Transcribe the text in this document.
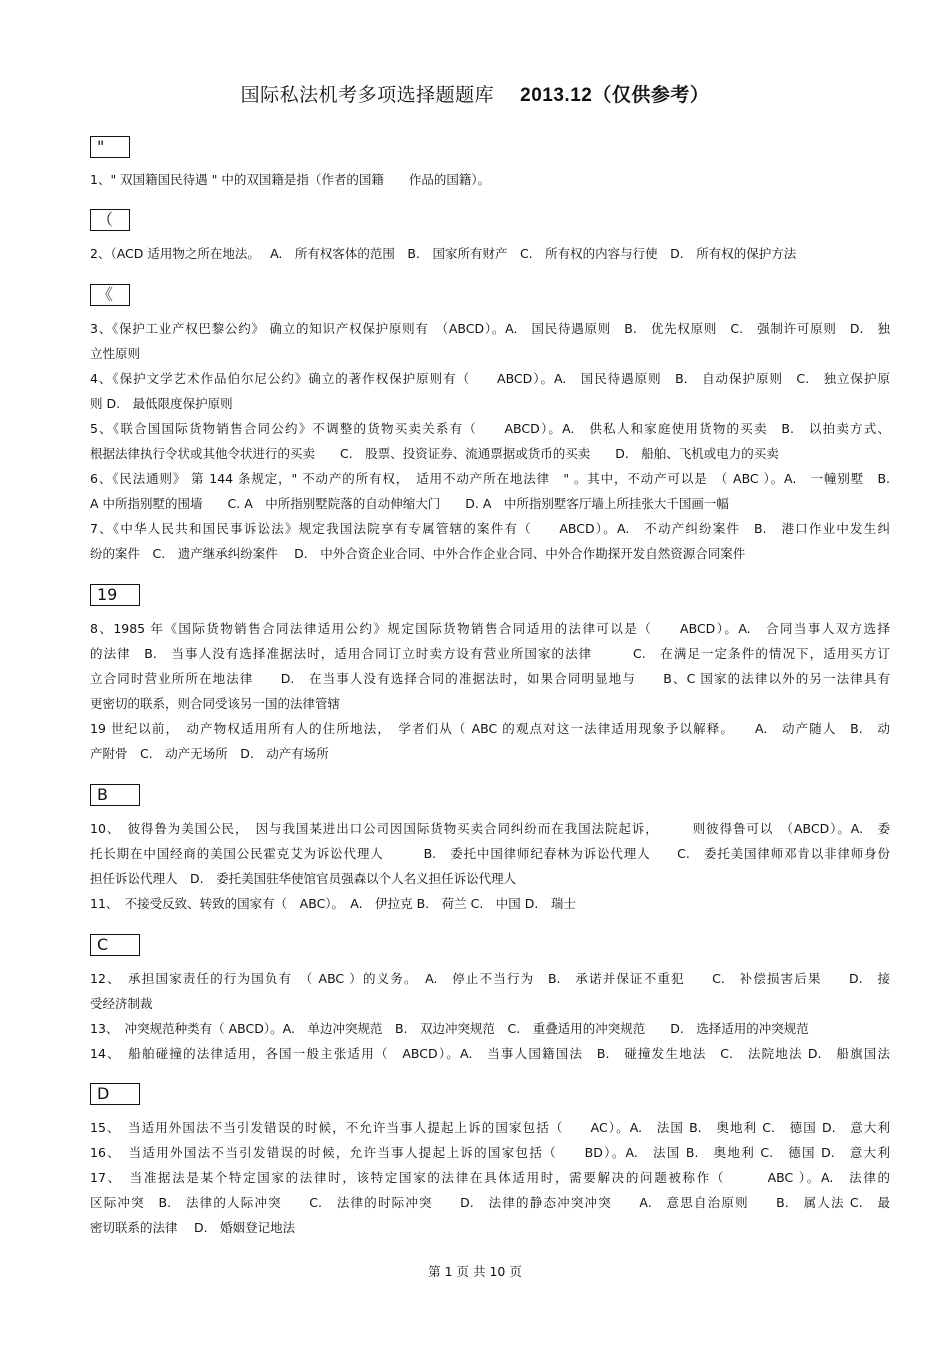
国际私法机考多项选择题题库 2013.12（仅供参考）
"
1、" 双国籍国民待遇 " 中的双国籍是指（作者的国籍　　作品的国籍）。
（
2、（ACD 适用物之所在地法。　 A.　所有权客体的范围　B.　国家所有财产　C.　所有权的内容与行使　D.　所有权的保护方法
《
3、《保护工业产权巴黎公约》 确立的知识产权保护原则有　（ABCD）。A.　国民待遇原则　B.　优先权原则　C.　强制许可原则　D.　独
立性原则
4、《保护文学艺术作品伯尔尼公约》确立的著作权保护原则有（　　ABCD）。A.　国民待遇原则　B.　自动保护原则　C.　独立保护原
则 D.　最低限度保护原则
5、《联合国国际货物销售合同公约》不调整的货物买卖关系有（　　ABCD）。A.　供私人和家庭使用货物的买卖　B.　以拍卖方式、
根据法律执行令状或其他令状进行的买卖　　C.　股票、投资证券、流通票据或货币的买卖　　D.　船舶、飞机或电力的买卖
6、《民法通则》 第 144 条规定，" 不动产的所有权，　适用不动产所在地法律　" 。其中，不动产可以是　（ ABC ）。A.　一幢别墅　B.
A 中所指别墅的围墙　　C. A　中所指别墅院落的自动伸缩大门　　D. A　中所指别墅客厅墙上所挂张大千国画一幅
7、《中华人民共和国民事诉讼法》规定我国法院享有专属管辖的案件有（　　ABCD）。A.　不动产纠纷案件　B.　港口作业中发生纠
纷的案件　C.　遗产继承纠纷案件　 D.　中外合资企业合同、中外合作企业合同、中外合作勘探开发自然资源合同案件
19
8、1985 年《国际货物销售合同法律适用公约》规定国际货物销售合同适用的法律可以是（　　ABCD）。A.　合同当事人双方选择
的法律　B.　当事人没有选择准据法时，适用合同订立时卖方设有营业所国家的法律　　　C.　在满足一定条件的情况下，适用买方订
立合同时营业所所在地法律　　D.　在当事人没有选择合同的准据法时，如果合同明显地与　　B、C 国家的法律以外的另一法律具有
更密切的联系，则合同受该另一国的法律管辖
19 世纪以前，　动产物权适用所有人的住所地法，　学者们从（ ABC 的观点对这一法律适用现象予以解释。　　A.　动产随人　B.　动
产附骨　C.　动产无场所　D.　动产有场所
B
10、　彼得鲁为美国公民，　因与我国某进出口公司因国际货物买卖合同纠纷而在我国法院起诉，　　　则彼得鲁可以　（ABCD）。A.　委
托长期在中国经商的美国公民霍克艾为诉讼代理人　　　B.　委托中国律师纪春林为诉讼代理人　　C.　委托美国律师邓肯以非律师身份
担任诉讼代理人　D.　委托美国驻华使馆官员强森以个人名义担任诉讼代理人
11、　不接受反致、转致的国家有（　ABC）。　A.　伊拉克 B.　荷兰 C.　中国 D.　瑞士
C
12、　承担国家责任的行为国负有　（ ABC ）的义务。　A.　停止不当行为　B.　承诺并保证不重犯　　C.　补偿损害后果　　D.　接
受经济制裁
13、　冲突规范种类有（ ABCD）。A.　单边冲突规范　B.　双边冲突规范　C.　重叠适用的冲突规范　　D.　选择适用的冲突规范
14、　船舶碰撞的法律适用，各国一般主张适用（　ABCD）。A.　当事人国籍国法　B.　碰撞发生地法　C.　法院地法 D.　船旗国法
D
15、　当适用外国法不当引发错误的时候，不允许当事人提起上诉的国家包括（　　AC）。A.　法国 B.　奥地利 C.　德国 D.　意大利
16、　当适用外国法不当引发错误的时候，允许当事人提起上诉的国家包括（　　BD）。A.　法国 B.　奥地利 C.　德国 D.　意大利
17、　当准据法是某个特定国家的法律时，该特定国家的法律在具体适用时，需要解决的问题被称作（　　　ABC ）。A.　法律的
区际冲突　B.　法律的人际冲突　　C.　法律的时际冲突　　D.　法律的静态冲突冲突　　A.　意思自治原则　　B.　属人法 C.　最
密切联系的法律　 D.　婚姻登记地法
第 1 页 共 10 页
